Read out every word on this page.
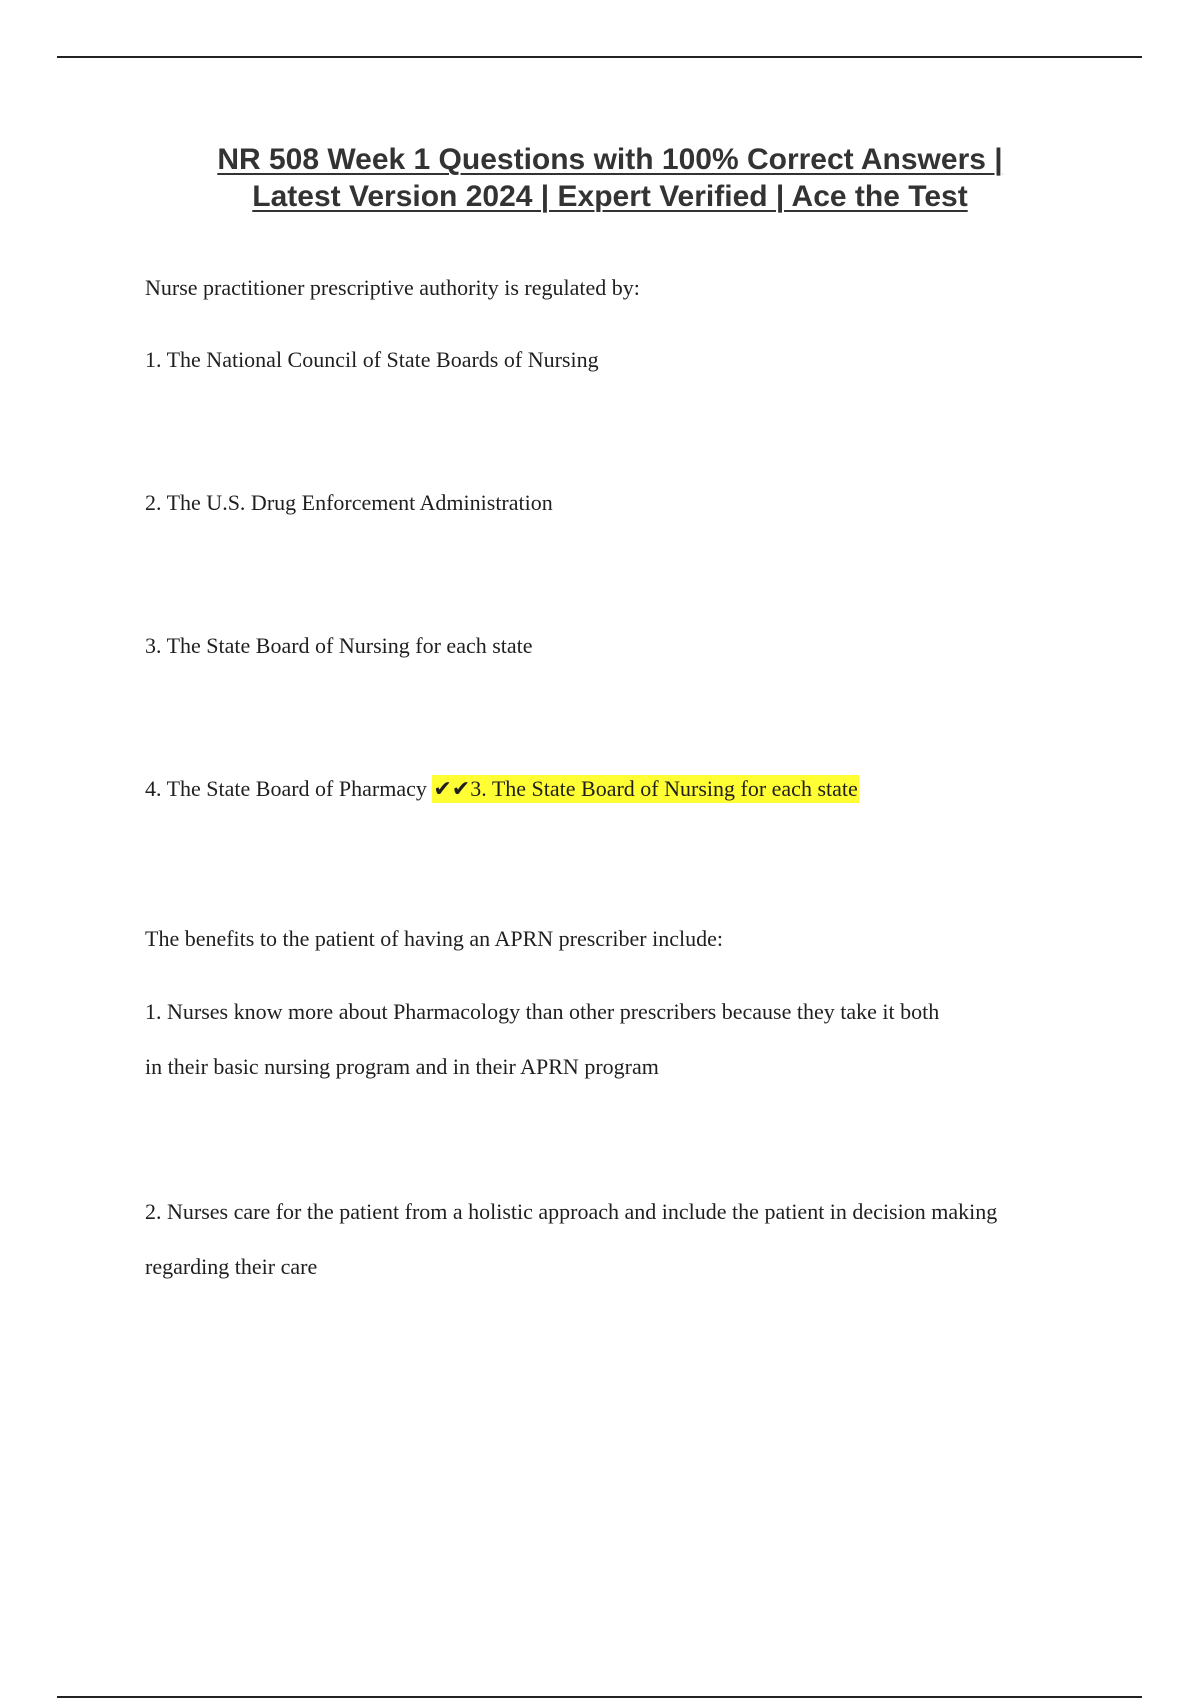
NR 508 Week 1 Questions with 100% Correct Answers |
Latest Version 2024 | Expert Verified | Ace the Test
Nurse practitioner prescriptive authority is regulated by:
1. The National Council of State Boards of Nursing
2. The U.S. Drug Enforcement Administration
3. The State Board of Nursing for each state
4. The State Board of Pharmacy ✔✔3. The State Board of Nursing for each state
The benefits to the patient of having an APRN prescriber include:
1. Nurses know more about Pharmacology than other prescribers because they take it both
in their basic nursing program and in their APRN program
2. Nurses care for the patient from a holistic approach and include the patient in decision making
regarding their care
